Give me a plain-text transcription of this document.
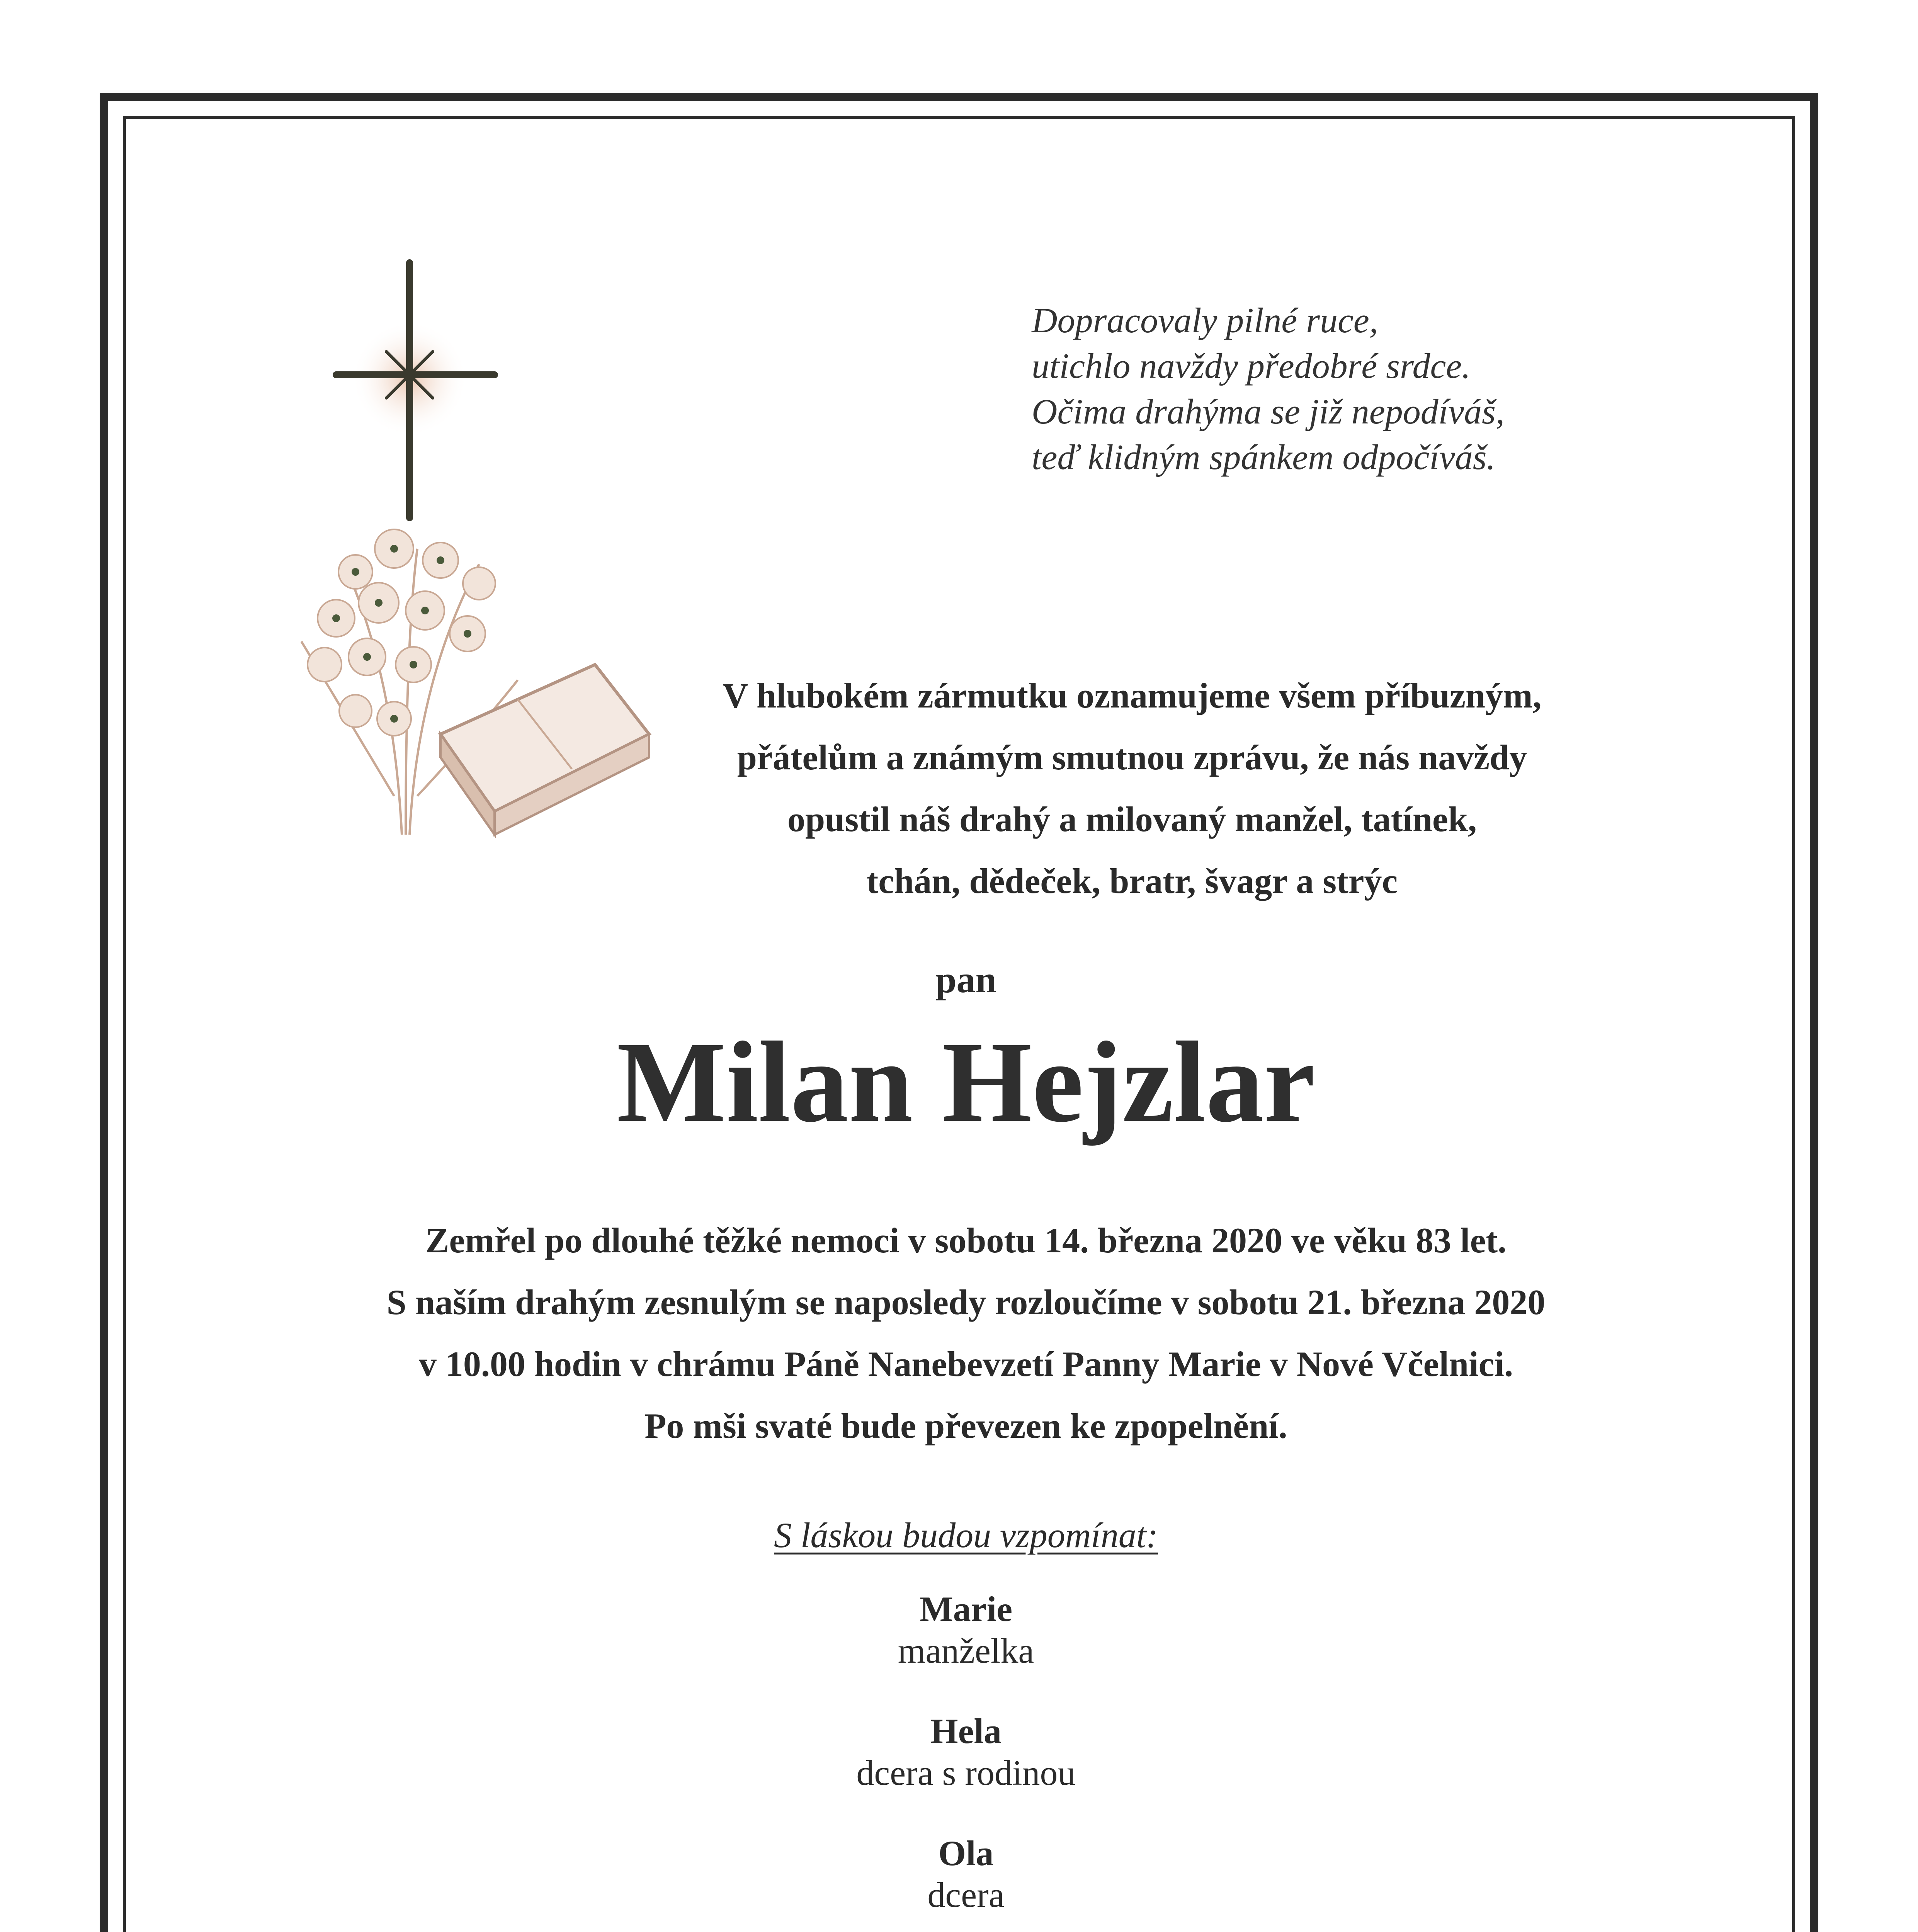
Dopracovaly pilné ruce,
utichlo navždy předobré srdce.
Očima drahýma se již nepodíváš,
teď klidným spánkem odpočíváš.
V hlubokém zármutku oznamujeme všem příbuzným,
přátelům a známým smutnou zprávu, že nás navždy
opustil náš drahý a milovaný manžel, tatínek,
tchán, dědeček, bratr, švagr a strýc
pan
Milan Hejzlar
Zemřel po dlouhé těžké nemoci v sobotu 14. března 2020 ve věku 83 let.
S naším drahým zesnulým se naposledy rozloučíme v sobotu 21. března 2020
v 10.00 hodin v chrámu Páně Nanebevzetí Panny Marie v Nové Včelnici.
Po mši svaté bude převezen ke zpopelnění.
S láskou budou vzpomínat:
Marie
manželka
Hela
dcera s rodinou
Ola
dcera
